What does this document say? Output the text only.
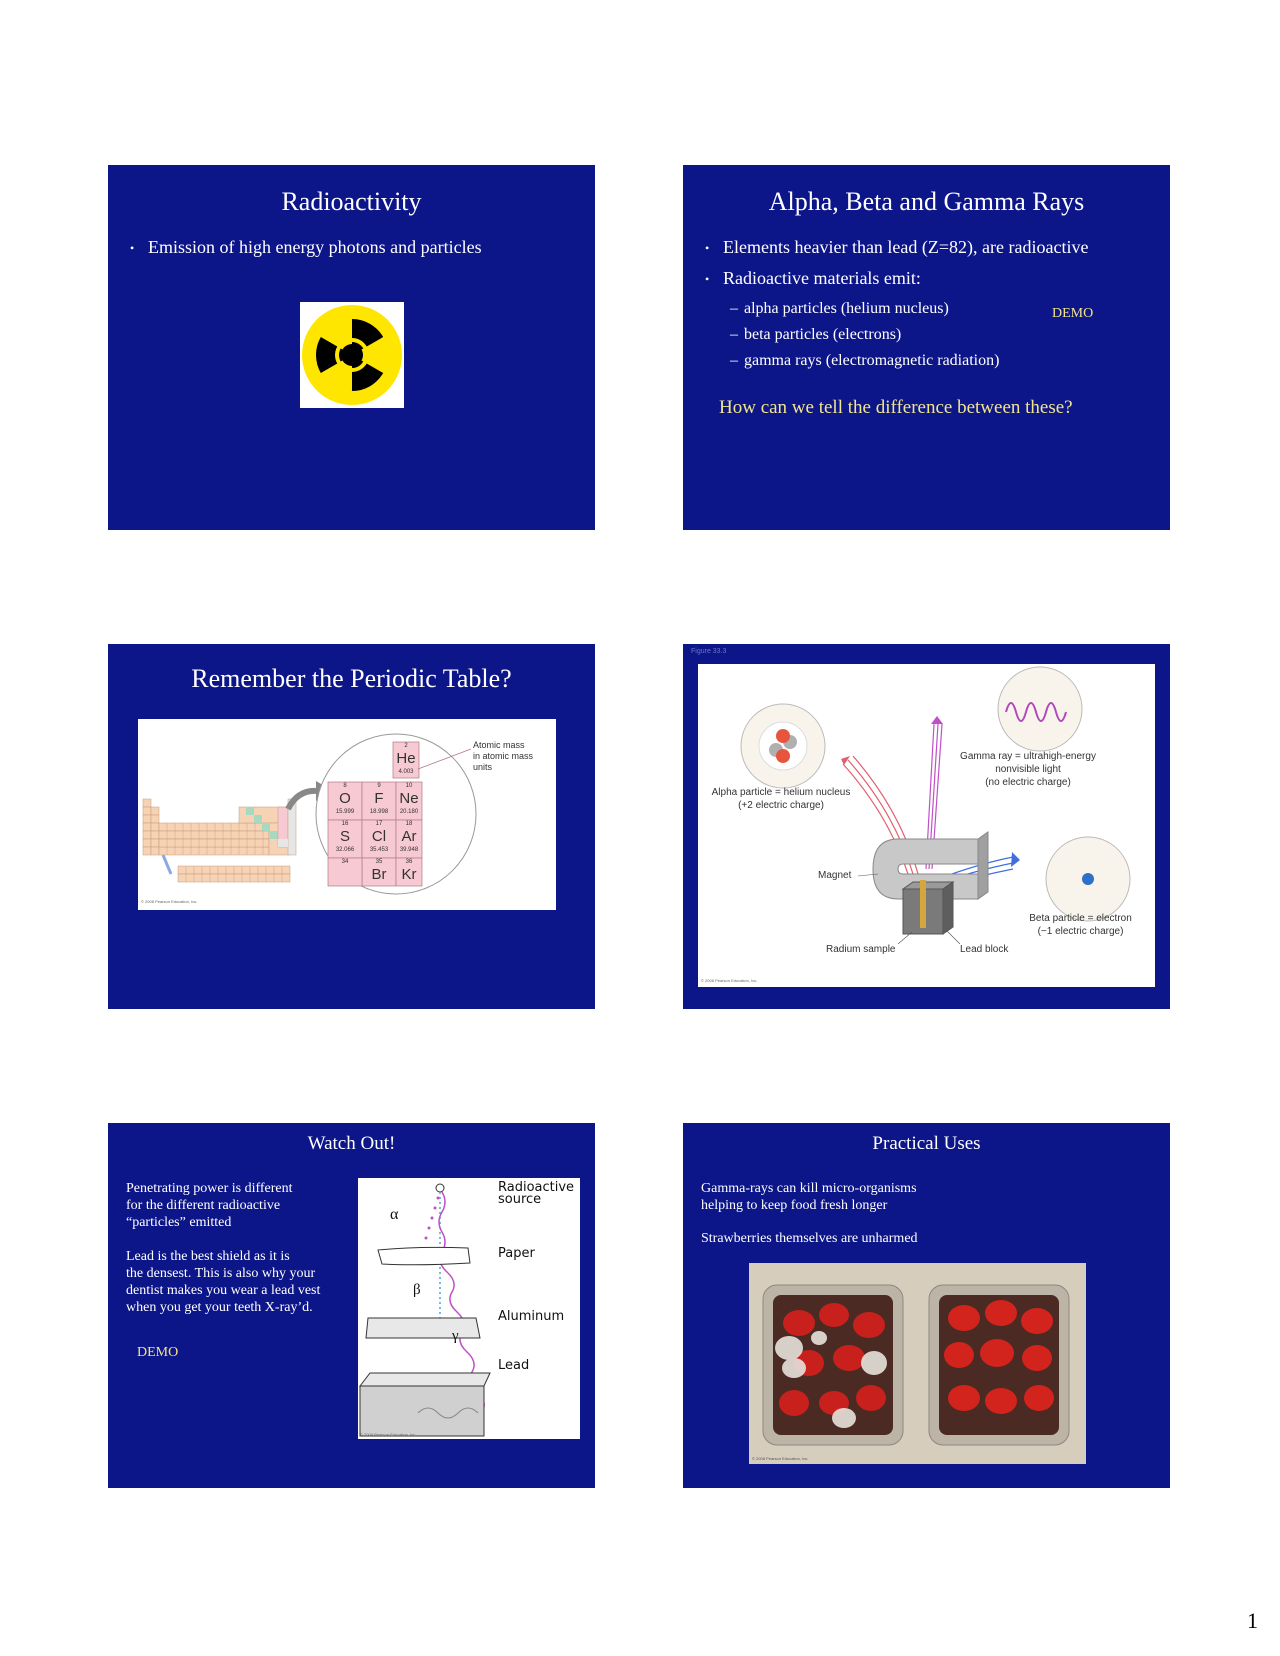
Radioactivity
• Emission of high energy photons and particles
Alpha, Beta and Gamma Rays
• Elements heavier than lead (Z=82), are radioactive
• Radioactive materials emit:
– alpha particles (helium nucleus)
– beta particles (electrons)
– gamma rays (electromagnetic radiation)
DEMO
How can we tell the difference between these?
Remember the Periodic Table?
2
He
4.003
8
O
15.999
9
F
18.998
10
Ne
20.180
16
S
32.066
17
Cl
35.453
18
Ar
39.948
34	35
Br
36
Kr
Atomic mass
in atomic mass
units
© 2008 Pearson Education, Inc.
Figure 33.3
Alpha particle = helium nucleus
(+2 electric charge)
Gamma ray = ultrahigh-energy
nonvisible light
(no electric charge)
Beta particle = electron
(−1 electric charge)
Magnet
Radium sample	Lead block
© 2008 Pearson Education, Inc.
Watch Out!
Penetrating power is different
for the different radioactive
“particles” emitted
Lead is the best shield as it is
the densest. This is also why your
dentist makes you wear a lead vest
when you get your teeth X-ray’d.
DEMO
Radioactive
source
Paper
Aluminum
Lead
α
β
γ
© 2008 Pearson Education, Inc.
Practical Uses
Gamma-rays can kill micro-organisms
helping to keep food fresh longer
Strawberries themselves are unharmed
© 2008 Pearson Education, Inc.
1
